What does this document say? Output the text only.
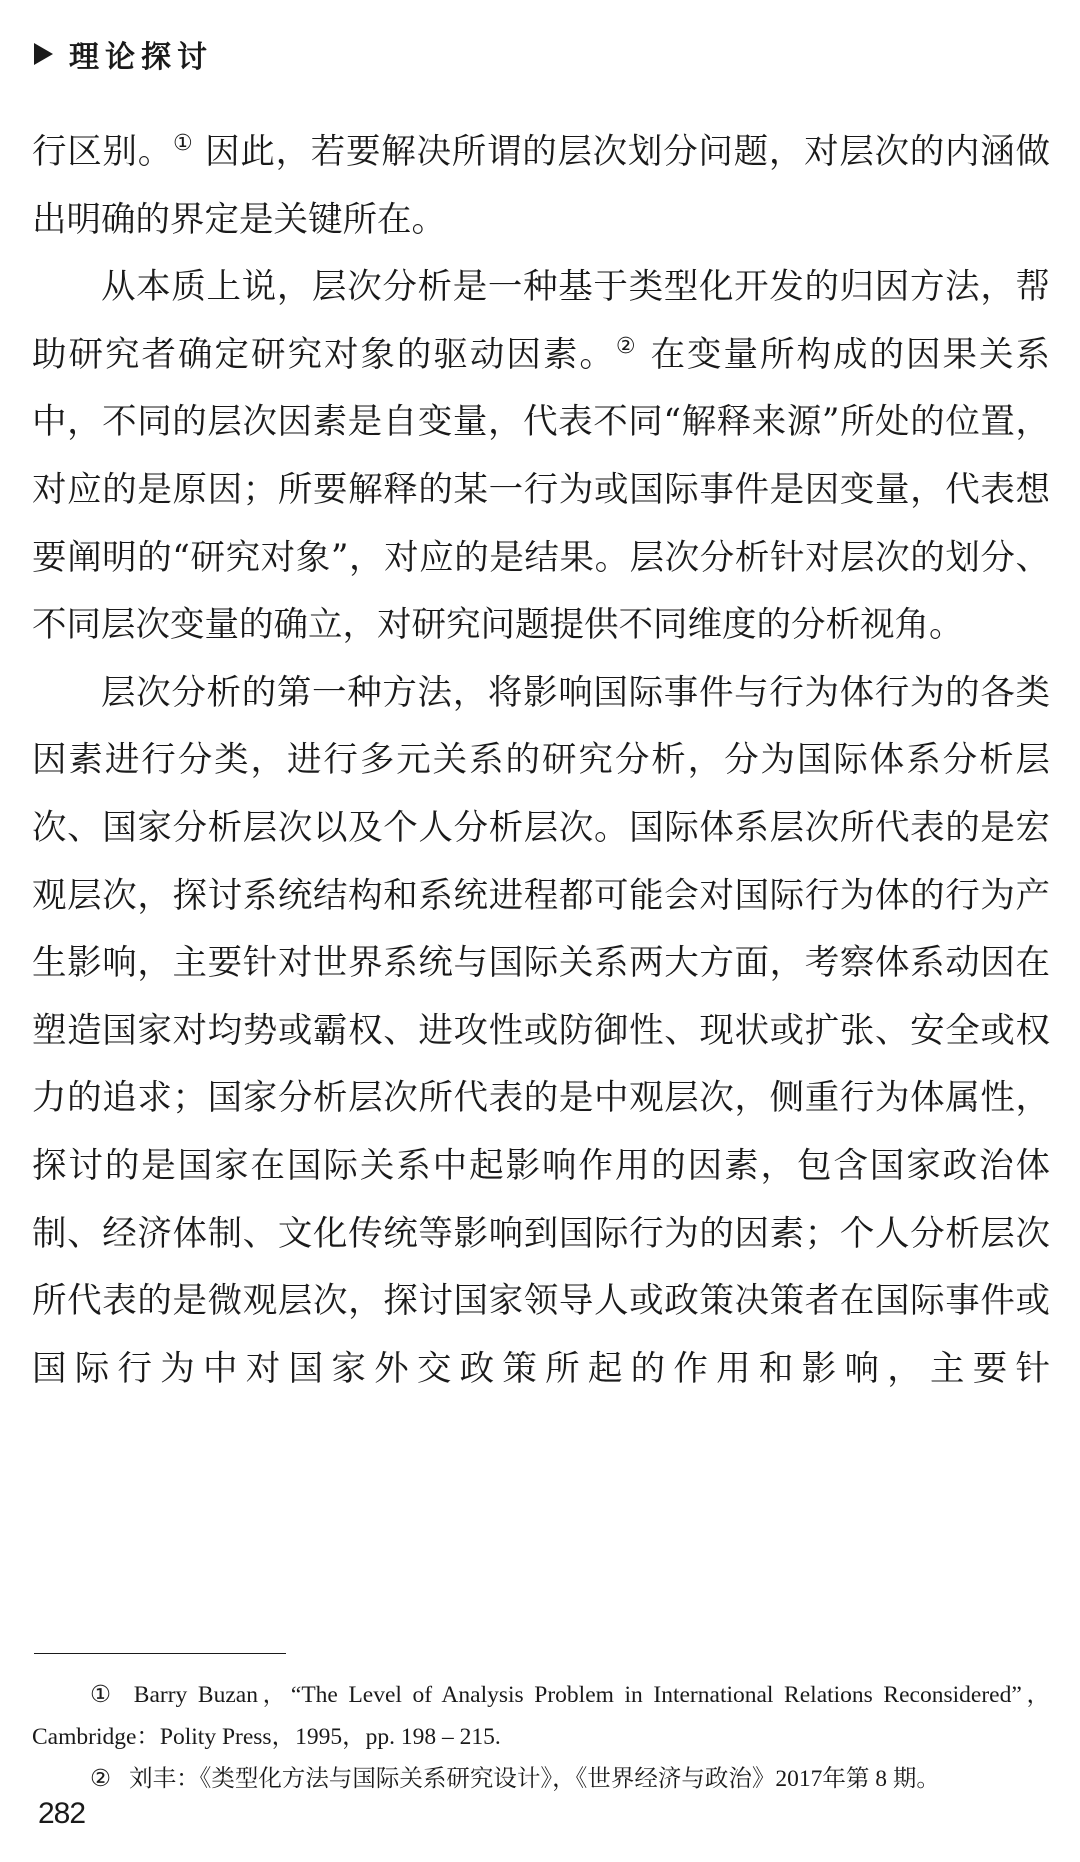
理论探讨

行区别。① 因此，若要解决所谓的层次划分问题，对层次的内涵做出明确的界定是关键所在。

从本质上说，层次分析是一种基于类型化开发的归因方法，帮助研究者确定研究对象的驱动因素。② 在变量所构成的因果关系中，不同的层次因素是自变量，代表不同“解释来源”所处的位置，对应的是原因；所要解释的某一行为或国际事件是因变量，代表想要阐明的“研究对象”，对应的是结果。层次分析针对层次的划分、不同层次变量的确立，对研究问题提供不同维度的分析视角。

层次分析的第一种方法，将影响国际事件与行为体行为的各类因素进行分类，进行多元关系的研究分析，分为国际体系分析层次、国家分析层次以及个人分析层次。国际体系层次所代表的是宏观层次，探讨系统结构和系统进程都可能会对国际行为体的行为产生影响，主要针对世界系统与国际关系两大方面，考察体系动因在塑造国家对均势或霸权、进攻性或防御性、现状或扩张、安全或权力的追求；国家分析层次所代表的是中观层次，侧重行为体属性，探讨的是国家在国际关系中起影响作用的因素，包含国家政治体制、经济体制、文化传统等影响到国际行为的因素；个人分析层次所代表的是微观层次，探讨国家领导人或政策决策者在国际事件或国际行为中对国家外交政策所起的作用和影响，主要针

① Barry Buzan，“The Level of Analysis Problem in International Relations Reconsidered”，Cambridge：Polity Press，1995，pp. 198 – 215.

② 刘丰：《类型化方法与国际关系研究设计》，《世界经济与政治》2017年第 8 期。

282
